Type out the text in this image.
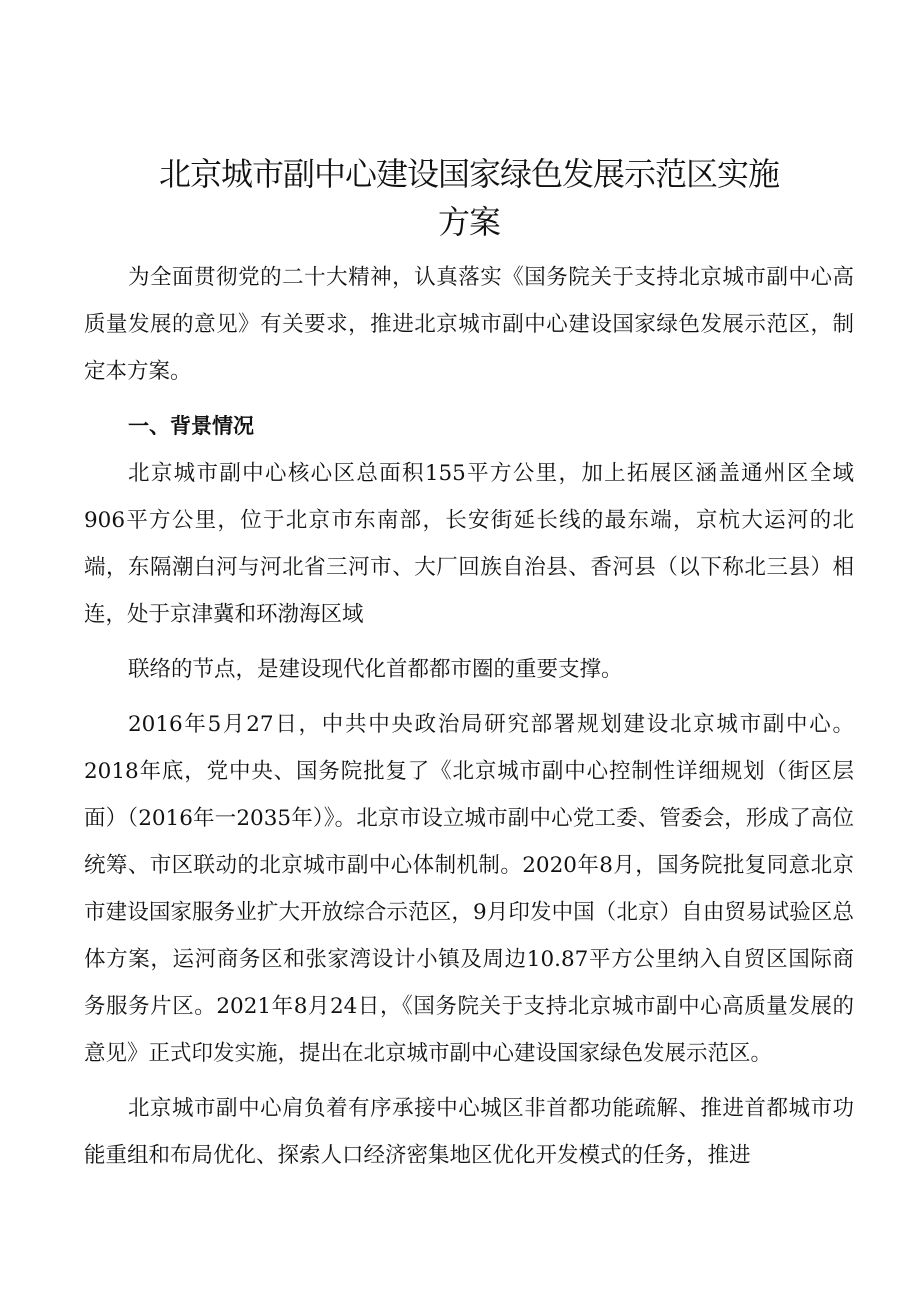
北京城市副中心建设国家绿色发展示范区实施
方案

为全面贯彻党的二十大精神，认真落实《国务院关于支持北京城市副中心高质量发展的意见》有关要求，推进北京城市副中心建设国家绿色发展示范区，制定本方案。

一、背景情况

北京城市副中心核心区总面积155平方公里，加上拓展区涵盖通州区全域906平方公里，位于北京市东南部，长安街延长线的最东端，京杭大运河的北端，东隔潮白河与河北省三河市、大厂回族自治县、香河县（以下称北三县）相连，处于京津冀和环渤海区域

联络的节点，是建设现代化首都都市圈的重要支撑。

2016年5月27日，中共中央政治局研究部署规划建设北京城市副中心。2018年底，党中央、国务院批复了《北京城市副中心控制性详细规划（街区层面）（2016年一2035年）》。北京市设立城市副中心党工委、管委会，形成了高位统筹、市区联动的北京城市副中心体制机制。2020年8月，国务院批复同意北京市建设国家服务业扩大开放综合示范区，9月印发中国（北京）自由贸易试验区总体方案，运河商务区和张家湾设计小镇及周边10.87平方公里纳入自贸区国际商务服务片区。2021年8月24日，《国务院关于支持北京城市副中心高质量发展的意见》正式印发实施，提出在北京城市副中心建设国家绿色发展示范区。

北京城市副中心肩负着有序承接中心城区非首都功能疏解、推进首都城市功能重组和布局优化、探索人口经济密集地区优化开发模式的任务，推进
